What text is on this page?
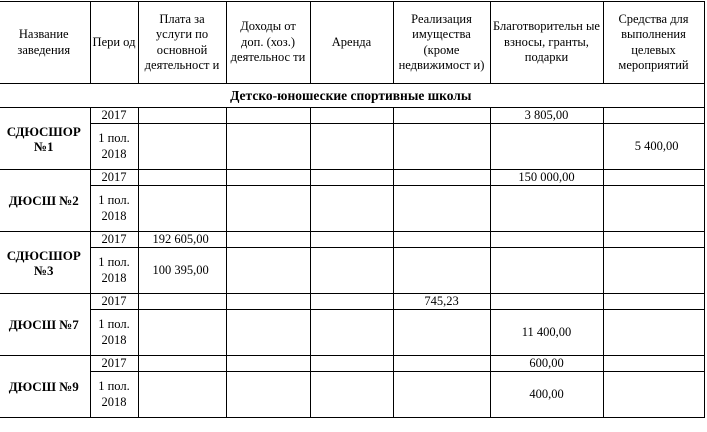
Название заведения	Пери од	Плата за услуги по основной деятельност и	Доходы от доп. (хоз.) деятельнос ти	Аренда	Реализация имущества (кроме недвижимост и)	Благотворительн ые взносы, гранты, подарки	Средства для выполнения целевых мероприятий
Детско-юношеские спортивные школы							
СДЮСШОР №1	2017					3 805,00	
	1 пол. 2018						5 400,00
ДЮСШ №2	2017					150 000,00	
	1 пол. 2018						
СДЮСШОР №3	2017	192 605,00					
	1 пол. 2018	100 395,00					
ДЮСШ №7	2017				745,23		
	1 пол. 2018					11 400,00	
ДЮСШ №9	2017					600,00	
	1 пол. 2018					400,00	
